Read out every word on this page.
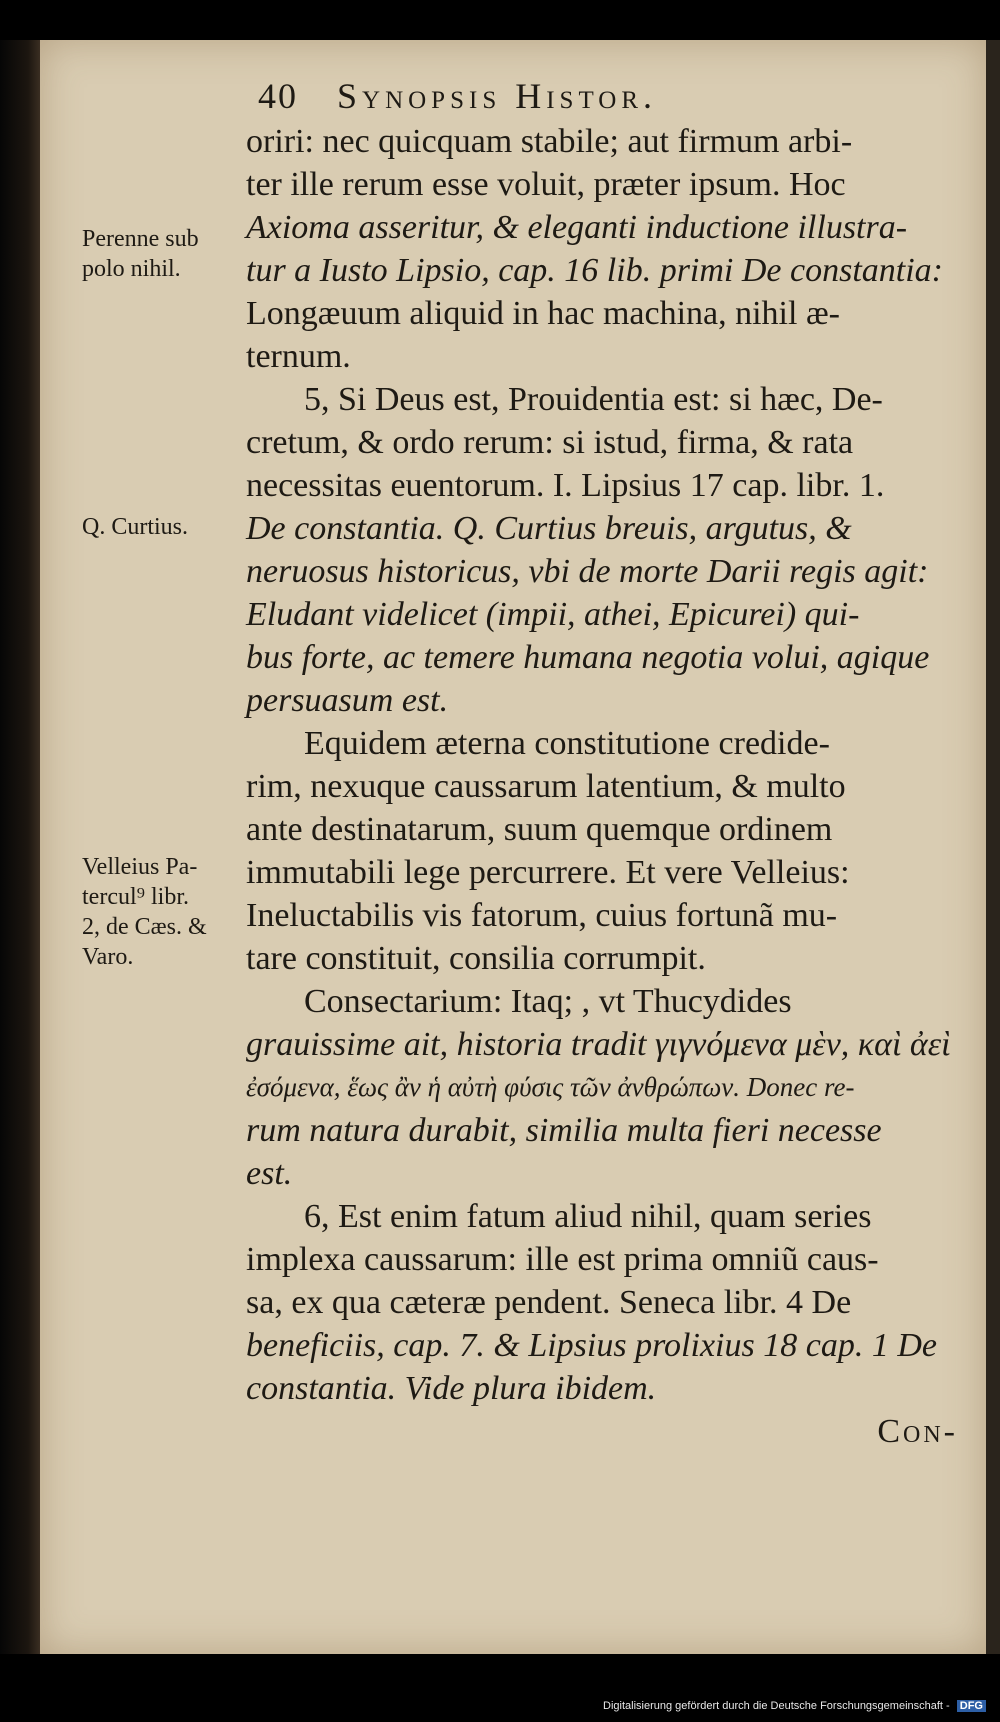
40 Synopsis Histor.
Perenne sub
polo nihil.
Q. Curtius.
Velleius Pa-
tercul⁹ libr.
2, de Cæs. &
Varo.
oriri: nec quicquam stabile; aut firmum arbi-
ter ille rerum esse voluit, præter ipsum. Hoc
Axioma asseritur, & eleganti inductione illustra-
tur a Iusto Lipsio, cap. 16 lib. primi De constantia:
Longæuum aliquid in hac machina, nihil æ-
ternum.
5, Si Deus est, Prouidentia est: si hæc, De-
cretum, & ordo rerum: si istud, firma, & rata
necessitas euentorum. I. Lipsius 17 cap. libr. 1.
De constantia. Q. Curtius breuis, argutus, &
neruosus historicus, vbi de morte Darii regis agit:
Eludant videlicet (impii, athei, Epicurei) qui-
bus forte, ac temere humana negotia volui, agique
persuasum est.
Equidem æterna constitutione credide-
rim, nexuque caussarum latentium, & multo
ante destinatarum, suum quemque ordinem
immutabili lege percurrere. Et vere Velleius:
Ineluctabilis vis fatorum, cuius fortunã mu-
tare constituit, consilia corrumpit.
Consectarium: Itaq; , vt Thucydides
grauissime ait, historia tradit γιγνόμενα μὲν, καὶ ἀεὶ
ἐσόμενα, ἕως ἂν ἡ αὐτὴ φύσις τῶν ἀνθρώπων. Donec re-
rum natura durabit, similia multa fieri necesse
est.
6, Est enim fatum aliud nihil, quam series
implexa caussarum: ille est prima omniũ caus-
sa, ex qua cæteræ pendent. Seneca libr. 4 De
beneficiis, cap. 7. & Lipsius prolixius 18 cap. 1 De
constantia. Vide plura ibidem.
Con-
Digitalisierung gefördert durch die Deutsche Forschungsgemeinschaft - DFG
